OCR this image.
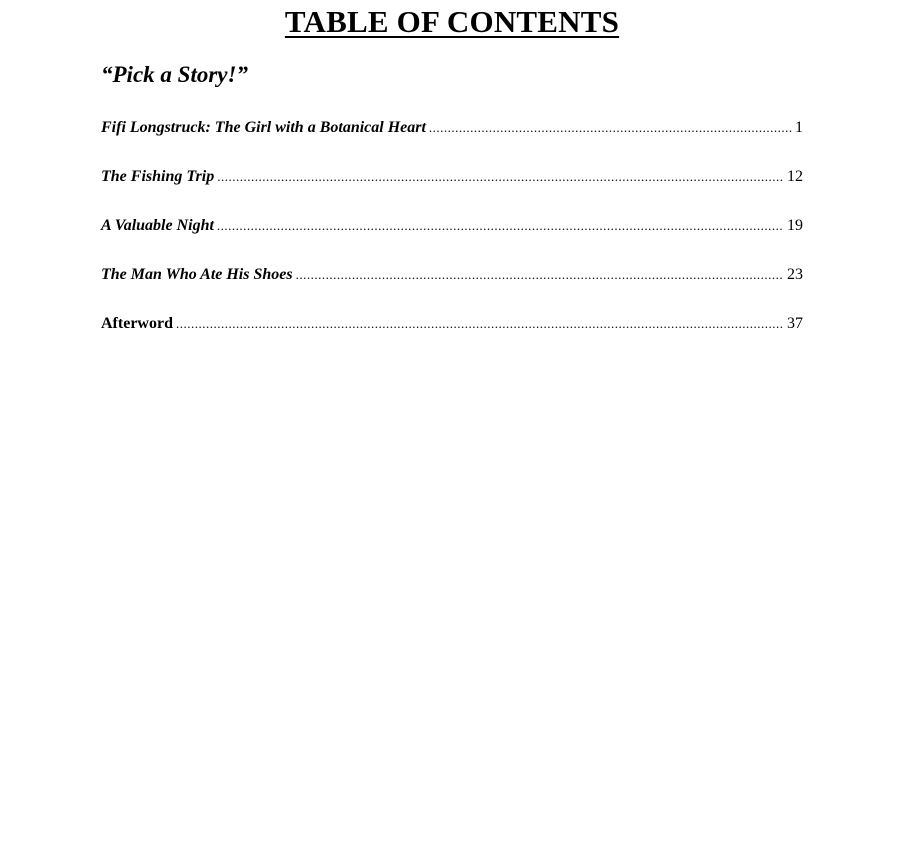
TABLE OF CONTENTS
“Pick a Story!”
Fifi Longstruck: The Girl with a Botanical Heart .....	1
The Fishing Trip .....	12
A Valuable Night .....	19
The Man Who Ate His Shoes .....	23
Afterword .....	37
